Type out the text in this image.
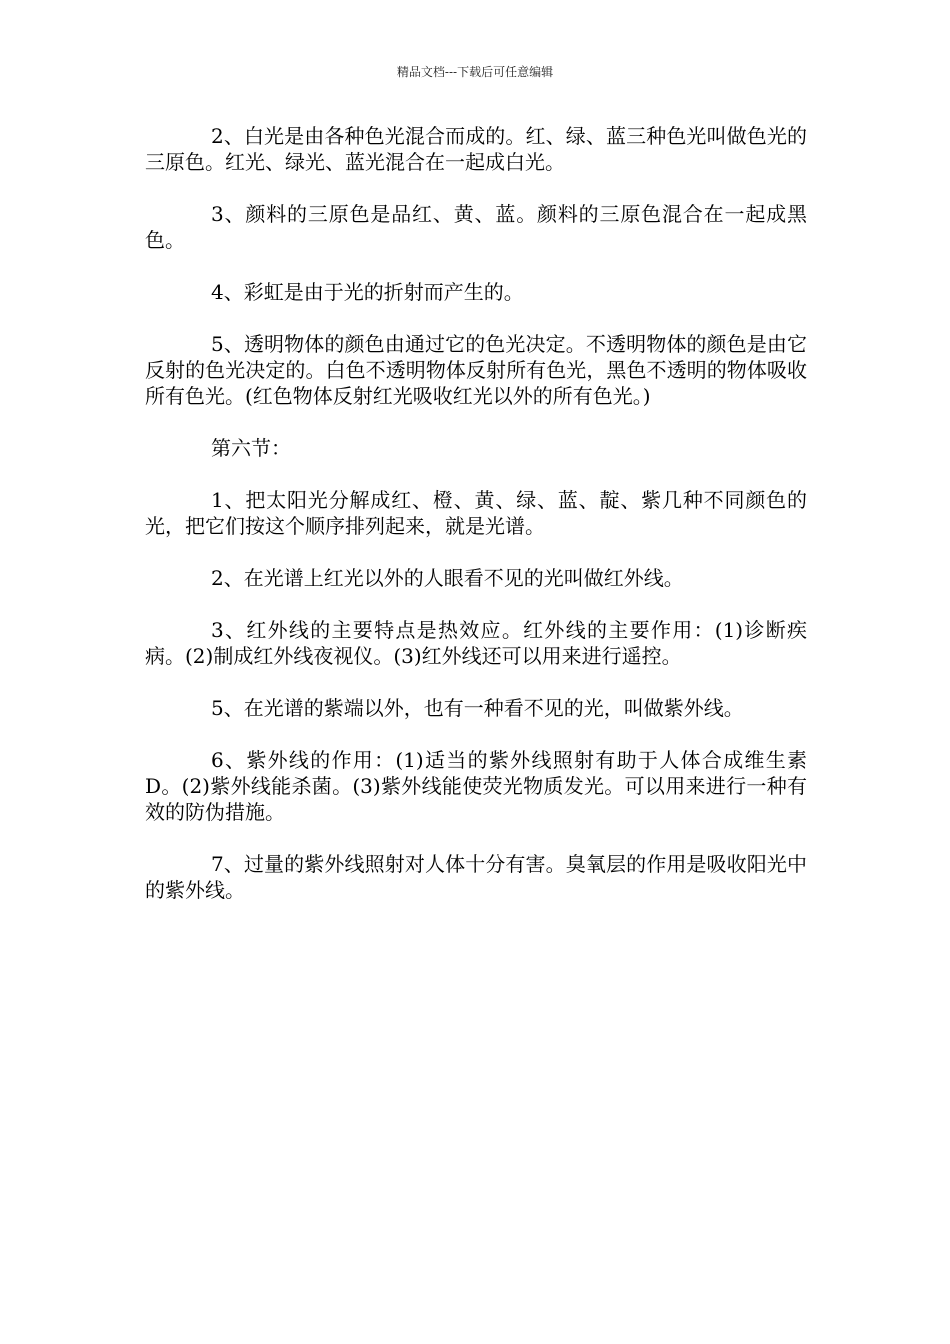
精品文档---下载后可任意编辑

2、白光是由各种色光混合而成的。红、绿、蓝三种色光叫做色光的三原色。红光、绿光、蓝光混合在一起成白光。

3、颜料的三原色是品红、黄、蓝。颜料的三原色混合在一起成黑色。

4、彩虹是由于光的折射而产生的。

5、透明物体的颜色由通过它的色光决定。不透明物体的颜色是由它反射的色光决定的。白色不透明物体反射所有色光，黑色不透明的物体吸收所有色光。(红色物体反射红光吸收红光以外的所有色光。)

第六节：

1、把太阳光分解成红、橙、黄、绿、蓝、靛、紫几种不同颜色的光，把它们按这个顺序排列起来，就是光谱。

2、在光谱上红光以外的人眼看不见的光叫做红外线。

3、红外线的主要特点是热效应。红外线的主要作用：(1)诊断疾病。(2)制成红外线夜视仪。(3)红外线还可以用来进行遥控。

5、在光谱的紫端以外，也有一种看不见的光，叫做紫外线。

6、紫外线的作用：(1)适当的紫外线照射有助于人体合成维生素D。(2)紫外线能杀菌。(3)紫外线能使荧光物质发光。可以用来进行一种有效的防伪措施。

7、过量的紫外线照射对人体十分有害。臭氧层的作用是吸收阳光中的紫外线。
